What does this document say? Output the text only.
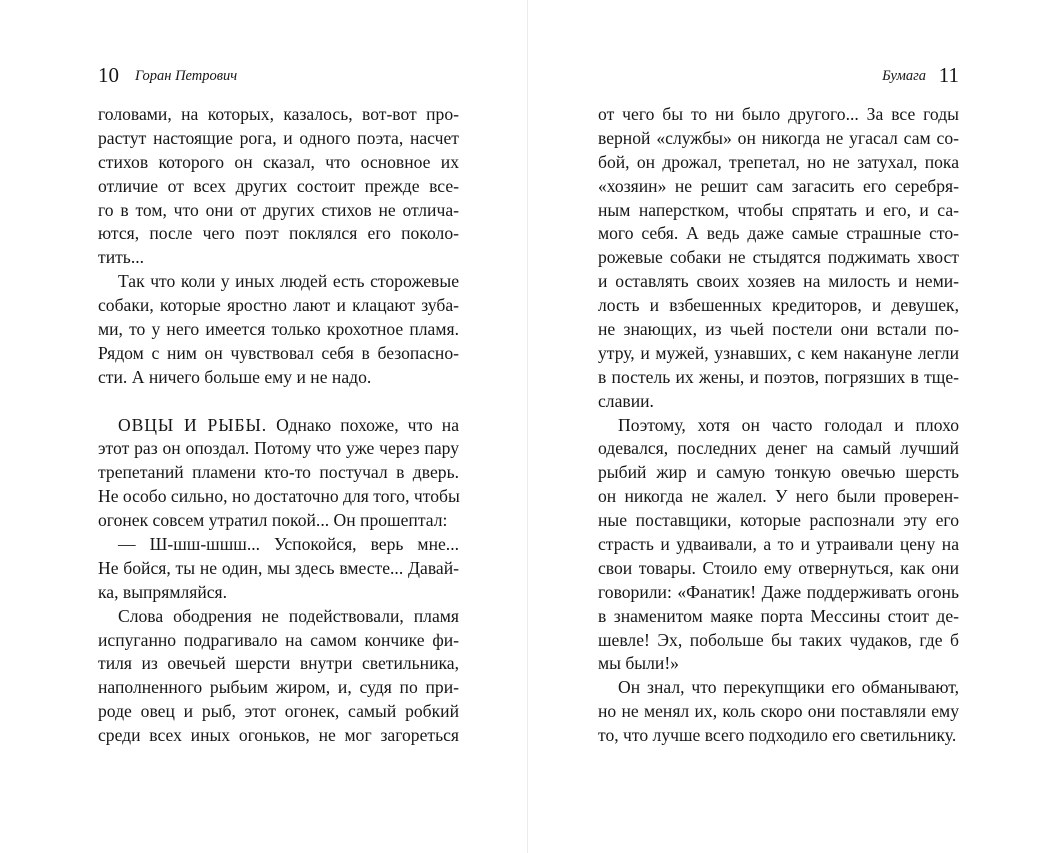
10 Горан Петрович
головами, на которых, казалось, вот-вот про-
растут настоящие рога, и одного поэта, насчет
стихов которого он сказал, что основное их
отличие от всех других состоит прежде все-
го в том, что они от других стихов не отлича-
ются, после чего поэт поклялся его поколо-
тить...
Так что коли у иных людей есть сторожевые
собаки, которые яростно лают и клацают зуба-
ми, то у него имеется только крохотное пламя.
Рядом с ним он чувствовал себя в безопасно-
сти. А ничего больше ему и не надо.
ОВЦЫ И РЫБЫ. Однако похоже, что на
этот раз он опоздал. Потому что уже через пару
трепетаний пламени кто-то постучал в дверь.
Не особо сильно, но достаточно для того, чтобы
огонек совсем утратил покой... Он прошептал:
— Ш-шш-шшш... Успокойся, верь мне...
Не бойся, ты не один, мы здесь вместе... Давай-
ка, выпрямляйся.
Слова ободрения не подействовали, пламя
испуганно подрагивало на самом кончике фи-
тиля из овечьей шерсти внутри светильника,
наполненного рыбьим жиром, и, судя по при-
роде овец и рыб, этот огонек, самый робкий
среди всех иных огоньков, не мог загореться
Бумага 11
от чего бы то ни было другого... За все годы
верной «службы» он никогда не угасал сам со-
бой, он дрожал, трепетал, но не затухал, пока
«хозяин» не решит сам загасить его серебря-
ным наперстком, чтобы спрятать и его, и са-
мого себя. А ведь даже самые страшные сто-
рожевые собаки не стыдятся поджимать хвост
и оставлять своих хозяев на милость и неми-
лость и взбешенных кредиторов, и девушек,
не знающих, из чьей постели они встали по-
утру, и мужей, узнавших, с кем накануне легли
в постель их жены, и поэтов, погрязших в тще-
славии.
Поэтому, хотя он часто голодал и плохо
одевался, последних денег на самый лучший
рыбий жир и самую тонкую овечью шерсть
он никогда не жалел. У него были проверен-
ные поставщики, которые распознали эту его
страсть и удваивали, а то и утраивали цену на
свои товары. Стоило ему отвернуться, как они
говорили: «Фанатик! Даже поддерживать огонь
в знаменитом маяке порта Мессины стоит де-
шевле! Эх, побольше бы таких чудаков, где б
мы были!»
Он знал, что перекупщики его обманывают,
но не менял их, коль скоро они поставляли ему
то, что лучше всего подходило его светильнику.
